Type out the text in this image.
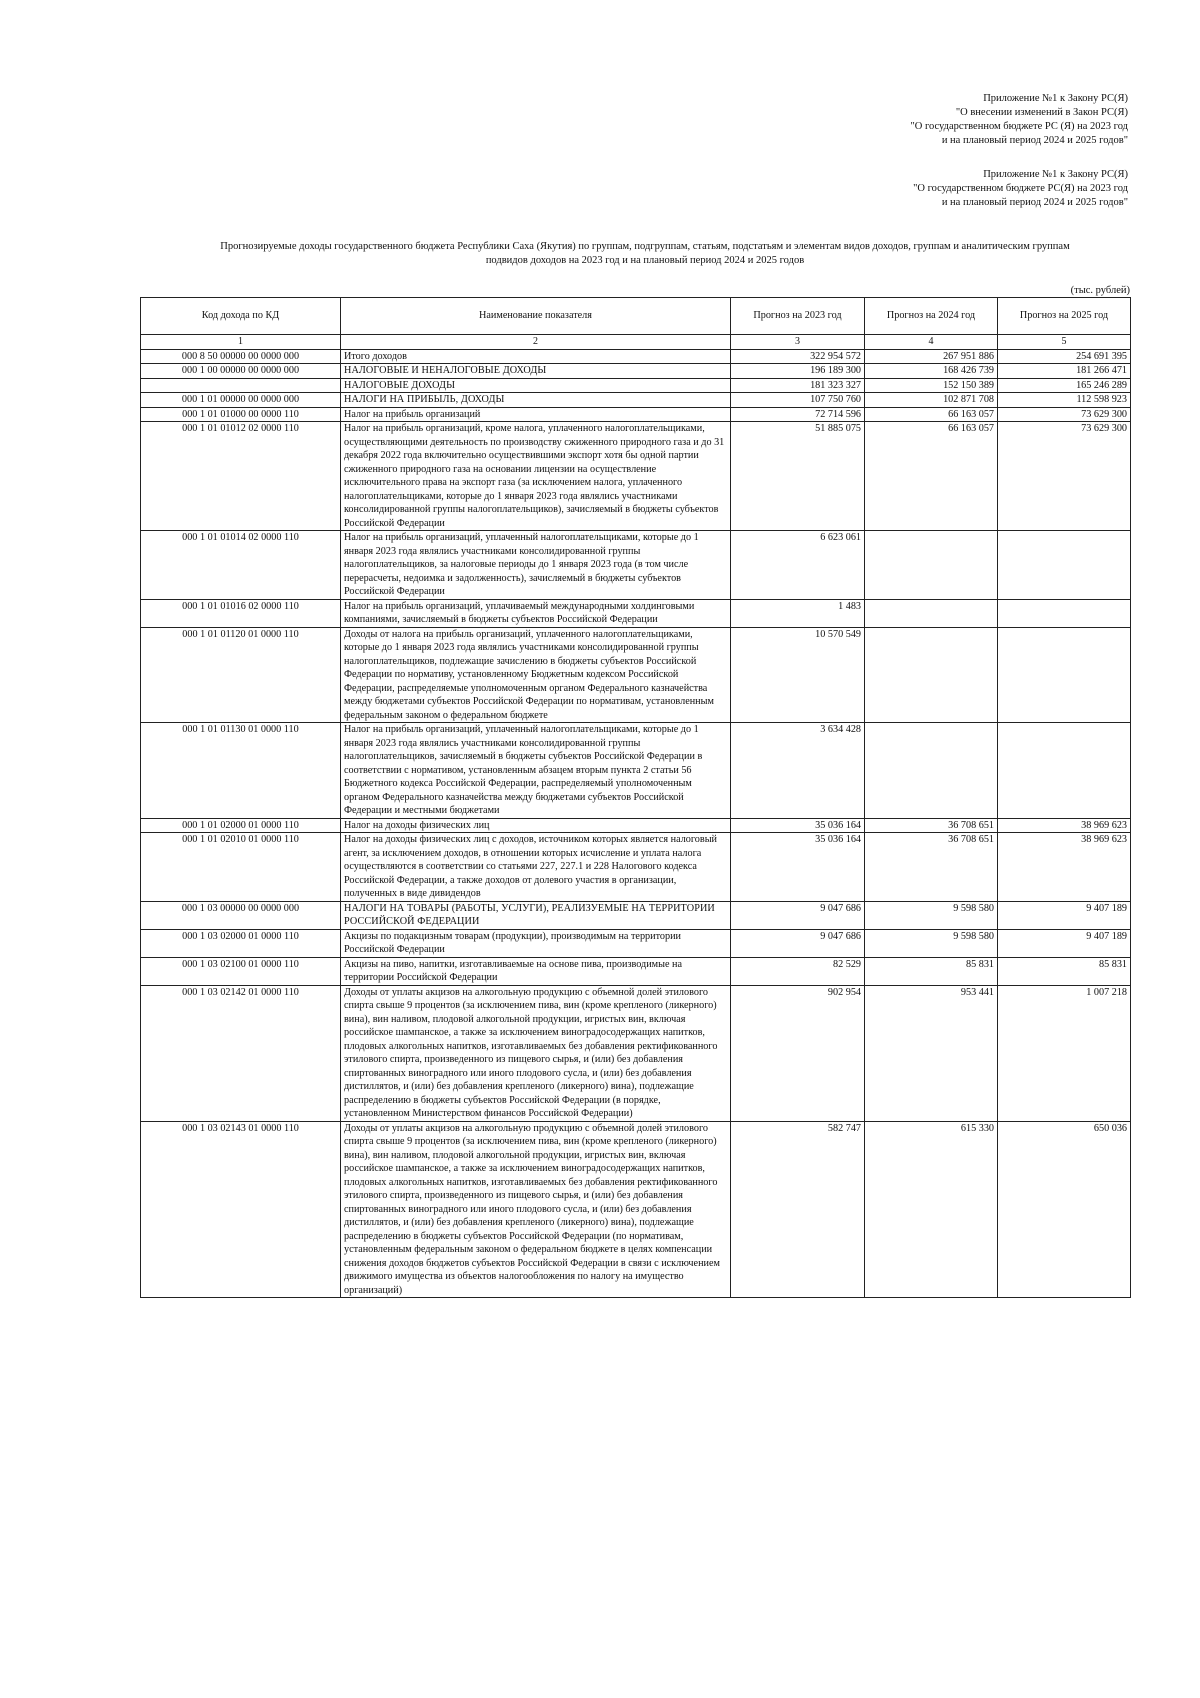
Приложение №1 к Закону РС(Я)
"О внесении изменений в Закон РС(Я)
"О государственном бюджете РС (Я) на 2023 год
и на плановый период 2024 и 2025 годов"
Приложение №1 к Закону РС(Я)
"О государственном бюджете РС(Я) на 2023 год
и на плановый период 2024 и 2025 годов"
Прогнозируемые доходы государственного бюджета Республики Саха (Якутия) по группам, подгруппам, статьям, подстатьям и элементам видов доходов, группам и аналитическим группам
подвидов доходов на 2023 год и на плановый период 2024 и 2025 годов
(тыс. рублей)
Код дохода по КД	Наименование показателя	Прогноз на 2023 год	Прогноз на 2024 год	Прогноз на 2025 год
1	2	3	4	5
000 8 50 00000 00 0000 000	Итого доходов	322 954 572	267 951 886	254 691 395
000 1 00 00000 00 0000 000	НАЛОГОВЫЕ И НЕНАЛОГОВЫЕ ДОХОДЫ	196 189 300	168 426 739	181 266 471
	НАЛОГОВЫЕ ДОХОДЫ	181 323 327	152 150 389	165 246 289
000 1 01 00000 00 0000 000	НАЛОГИ НА ПРИБЫЛЬ, ДОХОДЫ	107 750 760	102 871 708	112 598 923
000 1 01 01000 00 0000 110	Налог на прибыль организаций	72 714 596	66 163 057	73 629 300
000 1 01 01012 02 0000 110	Налог на прибыль организаций, кроме налога, уплаченного налогоплательщиками, осуществляющими деятельность по производству сжиженного природного газа и до 31 декабря 2022 года включительно осуществившими экспорт хотя бы одной партии сжиженного природного газа на основании лицензии на осуществление исключительного права на экспорт газа (за исключением налога, уплаченного налогоплательщиками, которые до 1 января 2023 года являлись участниками консолидированной группы налогоплательщиков), зачисляемый в бюджеты субъектов Российской Федерации	51 885 075	66 163 057	73 629 300
000 1 01 01014 02 0000 110	Налог на прибыль организаций, уплаченный налогоплательщиками, которые до 1 января 2023 года являлись участниками консолидированной группы налогоплательщиков, за налоговые периоды до 1 января 2023 года (в том числе перерасчеты, недоимка и задолженность), зачисляемый в бюджеты субъектов Российской Федерации	6 623 061		
000 1 01 01016 02 0000 110	Налог на прибыль организаций, уплачиваемый международными холдинговыми компаниями, зачисляемый в бюджеты субъектов Российской Федерации	1 483		
000 1 01 01120 01 0000 110	Доходы от налога на прибыль организаций, уплаченного налогоплательщиками, которые до 1 января 2023 года являлись участниками консолидированной группы налогоплательщиков, подлежащие зачислению в бюджеты субъектов Российской Федерации по нормативу, установленному Бюджетным кодексом Российской Федерации, распределяемые уполномоченным органом Федерального казначейства между бюджетами субъектов Российской Федерации по нормативам, установленным федеральным законом о федеральном бюджете	10 570 549		
000 1 01 01130 01 0000 110	Налог на прибыль организаций, уплаченный налогоплательщиками, которые до 1 января 2023 года являлись участниками консолидированной группы налогоплательщиков, зачисляемый в бюджеты субъектов Российской Федерации в соответствии с нормативом, установленным абзацем вторым пункта 2 статьи 56 Бюджетного кодекса Российской Федерации, распределяемый уполномоченным органом Федерального казначейства между бюджетами субъектов Российской Федерации и местными бюджетами	3 634 428		
000 1 01 02000 01 0000 110	Налог на доходы физических лиц	35 036 164	36 708 651	38 969 623
000 1 01 02010 01 0000 110	Налог на доходы физических лиц с доходов, источником которых является налоговый агент, за исключением доходов, в отношении которых исчисление и уплата налога осуществляются в соответствии со статьями 227, 227.1 и 228 Налогового кодекса Российской Федерации, а также доходов от долевого участия в организации, полученных в виде дивидендов	35 036 164	36 708 651	38 969 623
000 1 03 00000 00 0000 000	НАЛОГИ НА ТОВАРЫ (РАБОТЫ, УСЛУГИ), РЕАЛИЗУЕМЫЕ НА ТЕРРИТОРИИ РОССИЙСКОЙ ФЕДЕРАЦИИ	9 047 686	9 598 580	9 407 189
000 1 03 02000 01 0000 110	Акцизы по подакцизным товарам (продукции), производимым на территории Российской Федерации	9 047 686	9 598 580	9 407 189
000 1 03 02100 01 0000 110	Акцизы на пиво, напитки, изготавливаемые на основе пива, производимые на территории Российской Федерации	82 529	85 831	85 831
000 1 03 02142 01 0000 110	Доходы от уплаты акцизов на алкогольную продукцию с объемной долей этилового спирта свыше 9 процентов (за исключением пива, вин (кроме крепленого (ликерного) вина), вин наливом, плодовой алкогольной продукции, игристых вин, включая российское шампанское, а также за исключением виноградосодержащих напитков, плодовых алкогольных напитков, изготавливаемых без добавления ректификованного этилового спирта, произведенного из пищевого сырья, и (или) без добавления спиртованных виноградного или иного плодового сусла, и (или) без добавления дистиллятов, и (или) без добавления крепленого (ликерного) вина), подлежащие распределению в бюджеты субъектов Российской Федерации (в порядке, установленном Министерством финансов Российской Федерации)	902 954	953 441	1 007 218
000 1 03 02143 01 0000 110	Доходы от уплаты акцизов на алкогольную продукцию с объемной долей этилового спирта свыше 9 процентов (за исключением пива, вин (кроме крепленого (ликерного) вина), вин наливом, плодовой алкогольной продукции, игристых вин, включая российское шампанское, а также за исключением виноградосодержащих напитков, плодовых алкогольных напитков, изготавливаемых без добавления ректификованного этилового спирта, произведенного из пищевого сырья, и (или) без добавления спиртованных виноградного или иного плодового сусла, и (или) без добавления дистиллятов, и (или) без добавления крепленого (ликерного) вина), подлежащие распределению в бюджеты субъектов Российской Федерации (по нормативам, установленным федеральным законом о федеральном бюджете в целях компенсации снижения доходов бюджетов субъектов Российской Федерации в связи с исключением движимого имущества из объектов налогообложения по налогу на имущество организаций)	582 747	615 330	650 036
